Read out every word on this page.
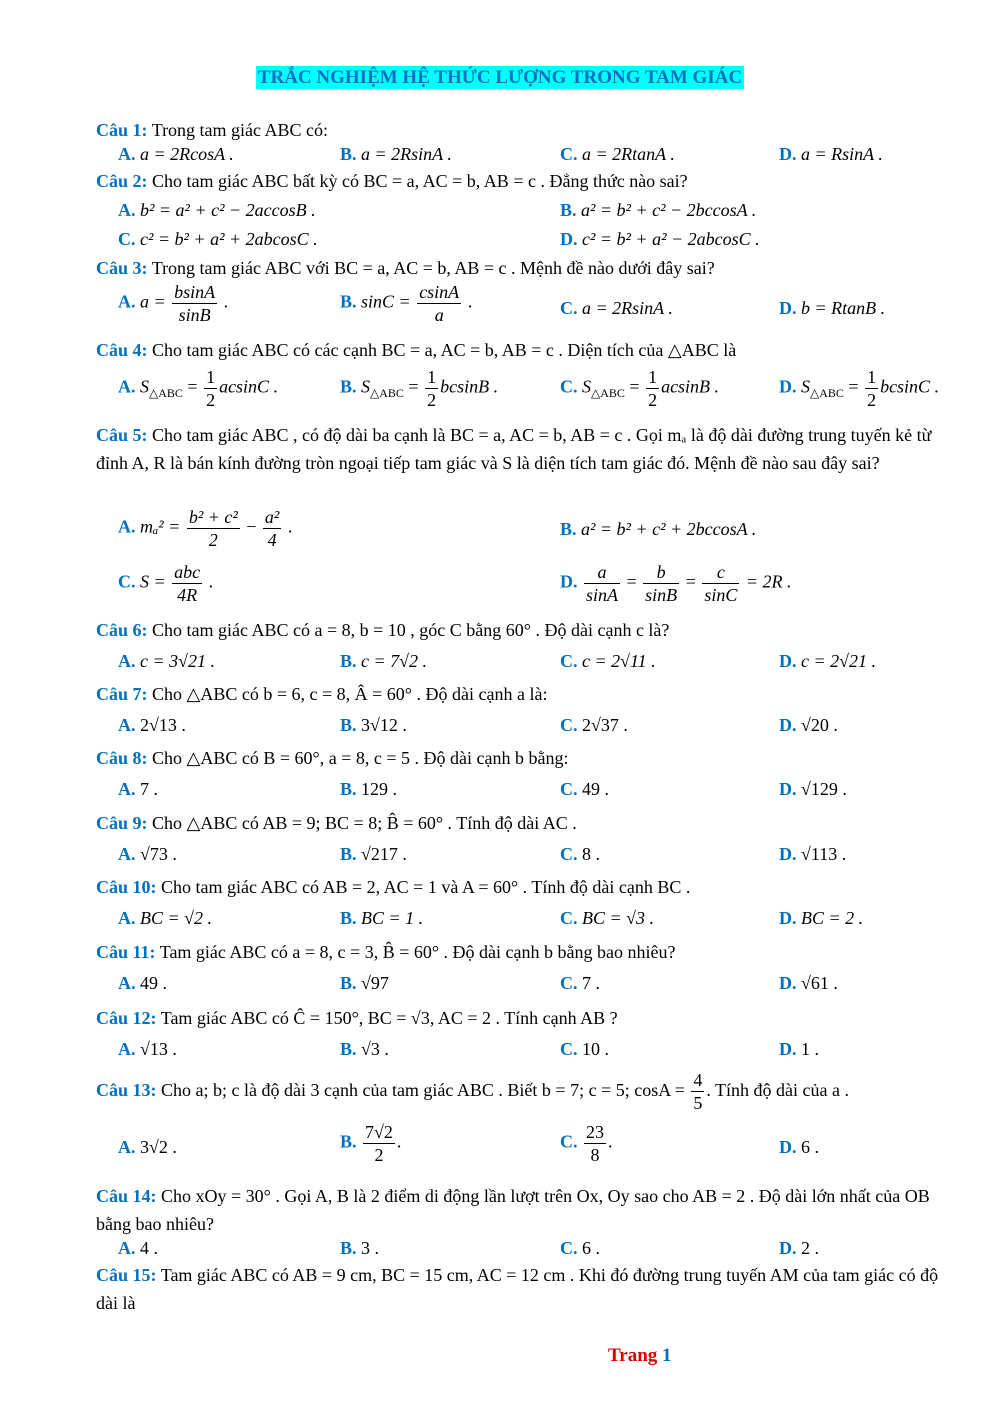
TRẮC NGHIỆM HỆ THỨC LƯỢNG TRONG TAM GIÁC
Câu 1: Trong tam giác ABC có:
A. a = 2RcosA .	B. a = 2RsinA .	C. a = 2RtanA .	D. a = RsinA .
Câu 2: Cho tam giác ABC bất kỳ có BC = a, AC = b, AB = c . Đẳng thức nào sai?
A. b² = a² + c² − 2accosB .	B. a² = b² + c² − 2bccosA .
C. c² = b² + a² + 2abcosC .	D. c² = b² + a² − 2abcosC .
Câu 3: Trong tam giác ABC với BC = a, AC = b, AB = c . Mệnh đề nào dưới đây sai?
A. $a = \frac{bsinA}{\sin B}$ .	B. $\sin C = \frac{csinA}{a}$ .	C. a = 2RsinA .	D. b = RtanB .
Câu 4: Cho tam giác ABC có các cạnh BC = a, AC = b, AB = c . Diện tích của △ABC là
A. $S_{\triangle ABC} = \frac{1}{2}$ acsinC .	B. $S_{\triangle ABC} = \frac{1}{2}$ bcsinB .	C. $S_{\triangle ABC} = \frac{1}{2}$ acsinB .	D. $S_{\triangle ABC} = \frac{1}{2}$ bcsinC .
Câu 5: Cho tam giác ABC , có độ dài ba cạnh là BC = a, AC = b, AB = c . Gọi mₐ là độ dài đường trung tuyến kẻ từ đỉnh A, R là bán kính đường tròn ngoại tiếp tam giác và S là diện tích tam giác đó. Mệnh đề nào sau đây sai?
A. $m_a^2 = \frac{\text{b² + c²}}{2} - \frac{\text{a²}}{4}$ .	B. a² = b² + c² + 2bccosA .
C. $S = \frac{\text{abc}}{4R}$ .	D. $\frac{a}{\sin A} = \frac{b}{\sin B} = \frac{c}{\sin C} = 2R$ .
Câu 6: Cho tam giác ABC có a = 8, b = 10 , góc C bằng 60° . Độ dài cạnh c là?
A. c = 3√21 .	B. c = 7√2 .	C. c = 2√11 .	D. c = 2√21 .
Câu 7: Cho △ABC có b = 6, c = 8, Â = 60° . Độ dài cạnh a là:
A. 2√13 .	B. 3√12 .	C. 2√37 .	D. √20 .
Câu 8: Cho △ABC có B = 60°, a = 8, c = 5 . Độ dài cạnh b bằng:
A. 7 .	B. 129 .	C. 49 .	D. √129 .
Câu 9: Cho △ABC có AB = 9; BC = 8; B̂ = 60° . Tính độ dài AC .
A. √73 .	B. √217 .	C. 8 .	D. √113 .
Câu 10: Cho tam giác ABC có AB = 2, AC = 1 và A = 60° . Tính độ dài cạnh BC .
A. BC = √2 .	B. BC = 1 .	C. BC = √3 .	D. BC = 2 .
Câu 11: Tam giác ABC có a = 8, c = 3, B̂ = 60° . Độ dài cạnh b bằng bao nhiêu?
A. 49 .	B. √97	C. 7 .	D. √61 .
Câu 12: Tam giác ABC có Ĉ = 150°, BC = √3, AC = 2 . Tính cạnh AB ?
A. √13 .	B. √3 .	C. 10 .	D. 1 .
Câu 13: Cho a; b; c là độ dài 3 cạnh của tam giác ABC . Biết b = 7; c = 5; $\cos A = \frac{4}{5}$ . Tính độ dài của a .
A. 3√2 .	B. $\frac{7√2}{2}$ .	C. $\frac{23}{8}$ .	D. 6 .
Câu 14: Cho xOy = 30° . Gọi A, B là 2 điểm di động lần lượt trên Ox, Oy sao cho AB = 2 . Độ dài lớn nhất của OB bằng bao nhiêu?
A. 4 .	B. 3 .	C. 6 .	D. 2 .
Câu 15: Tam giác ABC có AB = 9 cm, BC = 15 cm, AC = 12 cm . Khi đó đường trung tuyến AM của tam giác có độ dài là
Trang 1
